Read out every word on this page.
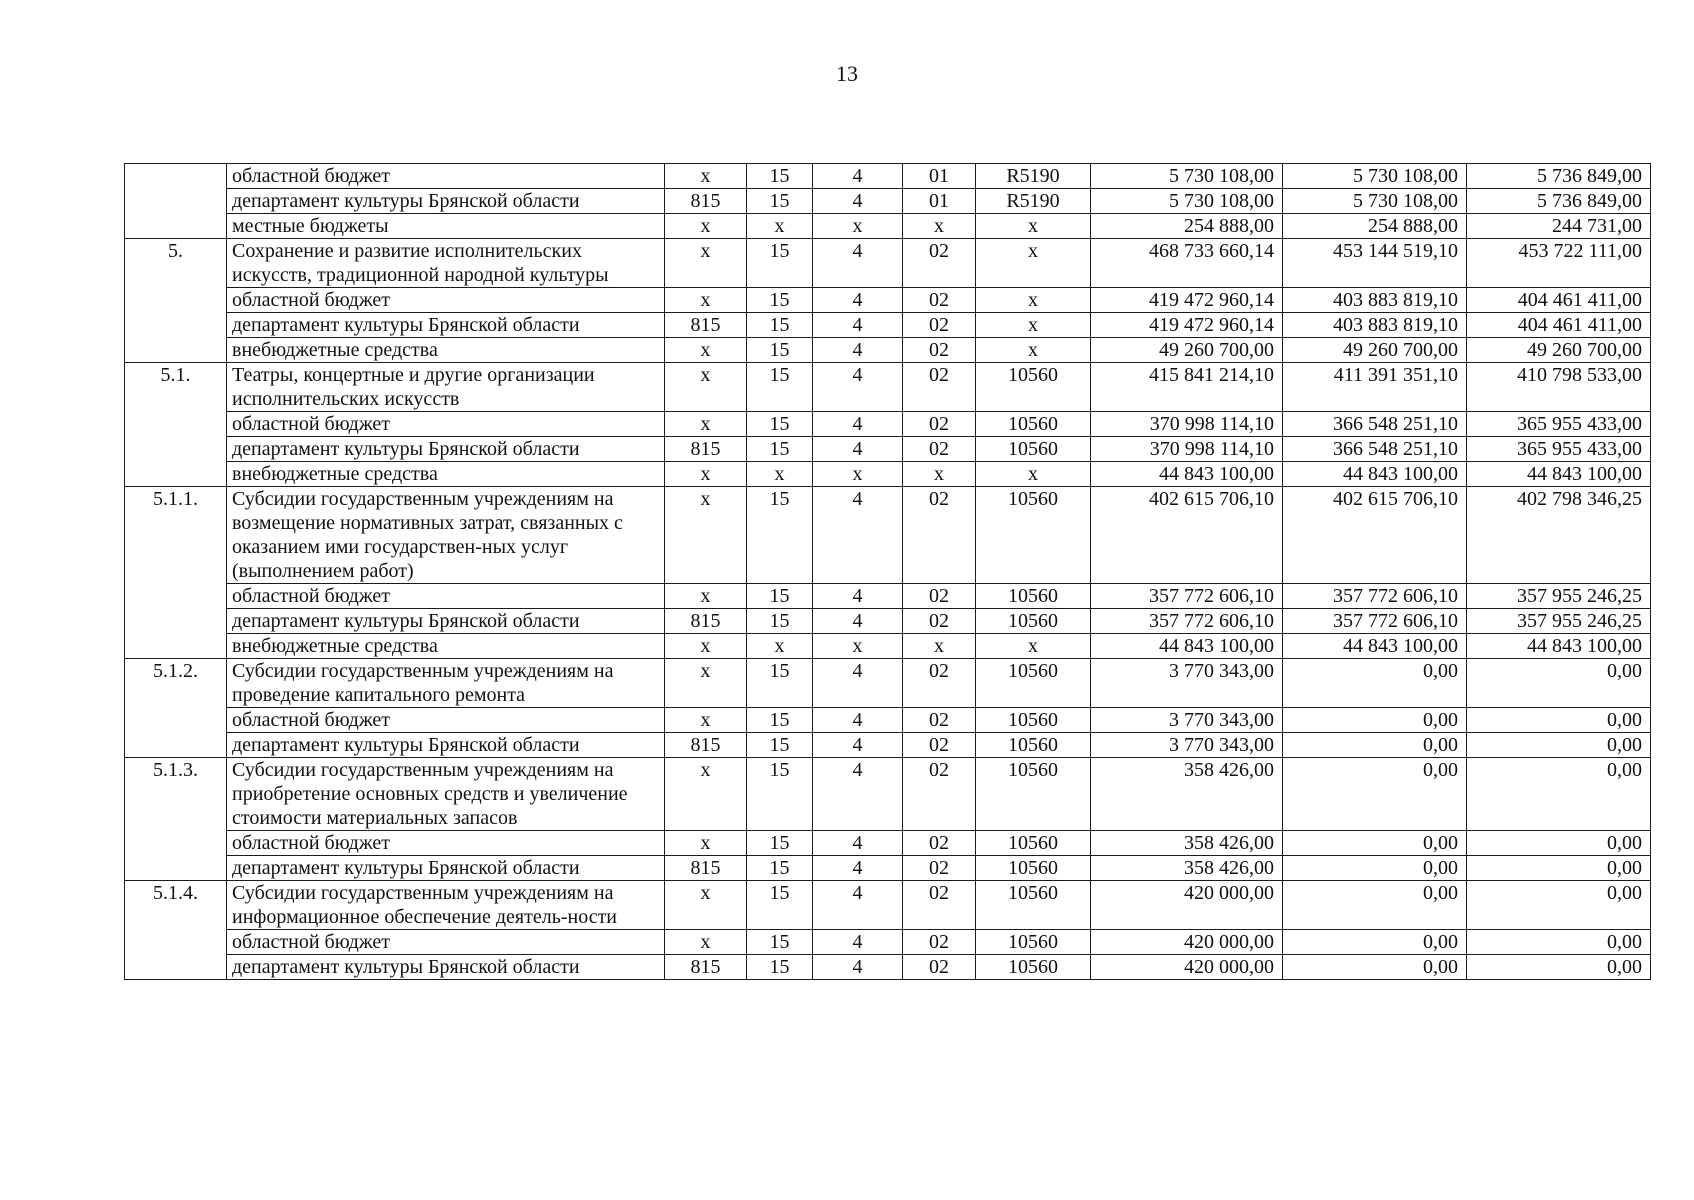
13
	областной бюджет	x	15	4	01	R5190	5 730 108,00	5 730 108,00	5 736 849,00
	департамент культуры Брянской области	815	15	4	01	R5190	5 730 108,00	5 730 108,00	5 736 849,00
	местные бюджеты	x	x	x	x	x	254 888,00	254 888,00	244 731,00
5.	Сохранение и развитие исполнительских искусств, традиционной народной культуры	x	15	4	02	x	468 733 660,14	453 144 519,10	453 722 111,00
	областной бюджет	x	15	4	02	x	419 472 960,14	403 883 819,10	404 461 411,00
	департамент культуры Брянской области	815	15	4	02	x	419 472 960,14	403 883 819,10	404 461 411,00
	внебюджетные средства	x	15	4	02	x	49 260 700,00	49 260 700,00	49 260 700,00
5.1.	Театры, концертные и другие организации исполнительских искусств	x	15	4	02	10560	415 841 214,10	411 391 351,10	410 798 533,00
	областной бюджет	x	15	4	02	10560	370 998 114,10	366 548 251,10	365 955 433,00
	департамент культуры Брянской области	815	15	4	02	10560	370 998 114,10	366 548 251,10	365 955 433,00
	внебюджетные средства	x	x	x	x	x	44 843 100,00	44 843 100,00	44 843 100,00
5.1.1.	Субсидии государственным учреждениям на возмещение нормативных затрат, связанных с оказанием ими государствен-ных услуг (выполнением работ)	x	15	4	02	10560	402 615 706,10	402 615 706,10	402 798 346,25
	областной бюджет	x	15	4	02	10560	357 772 606,10	357 772 606,10	357 955 246,25
	департамент культуры Брянской области	815	15	4	02	10560	357 772 606,10	357 772 606,10	357 955 246,25
	внебюджетные средства	x	x	x	x	x	44 843 100,00	44 843 100,00	44 843 100,00
5.1.2.	Субсидии государственным учреждениям на проведение капитального ремонта	x	15	4	02	10560	3 770 343,00	0,00	0,00
	областной бюджет	x	15	4	02	10560	3 770 343,00	0,00	0,00
	департамент культуры Брянской области	815	15	4	02	10560	3 770 343,00	0,00	0,00
5.1.3.	Субсидии государственным учреждениям на приобретение основных средств и увеличение стоимости материальных запасов	x	15	4	02	10560	358 426,00	0,00	0,00
	областной бюджет	x	15	4	02	10560	358 426,00	0,00	0,00
	департамент культуры Брянской области	815	15	4	02	10560	358 426,00	0,00	0,00
5.1.4.	Субсидии государственным учреждениям на информационное обеспечение деятель-ности	x	15	4	02	10560	420 000,00	0,00	0,00
	областной бюджет	x	15	4	02	10560	420 000,00	0,00	0,00
	департамент культуры Брянской области	815	15	4	02	10560	420 000,00	0,00	0,00
